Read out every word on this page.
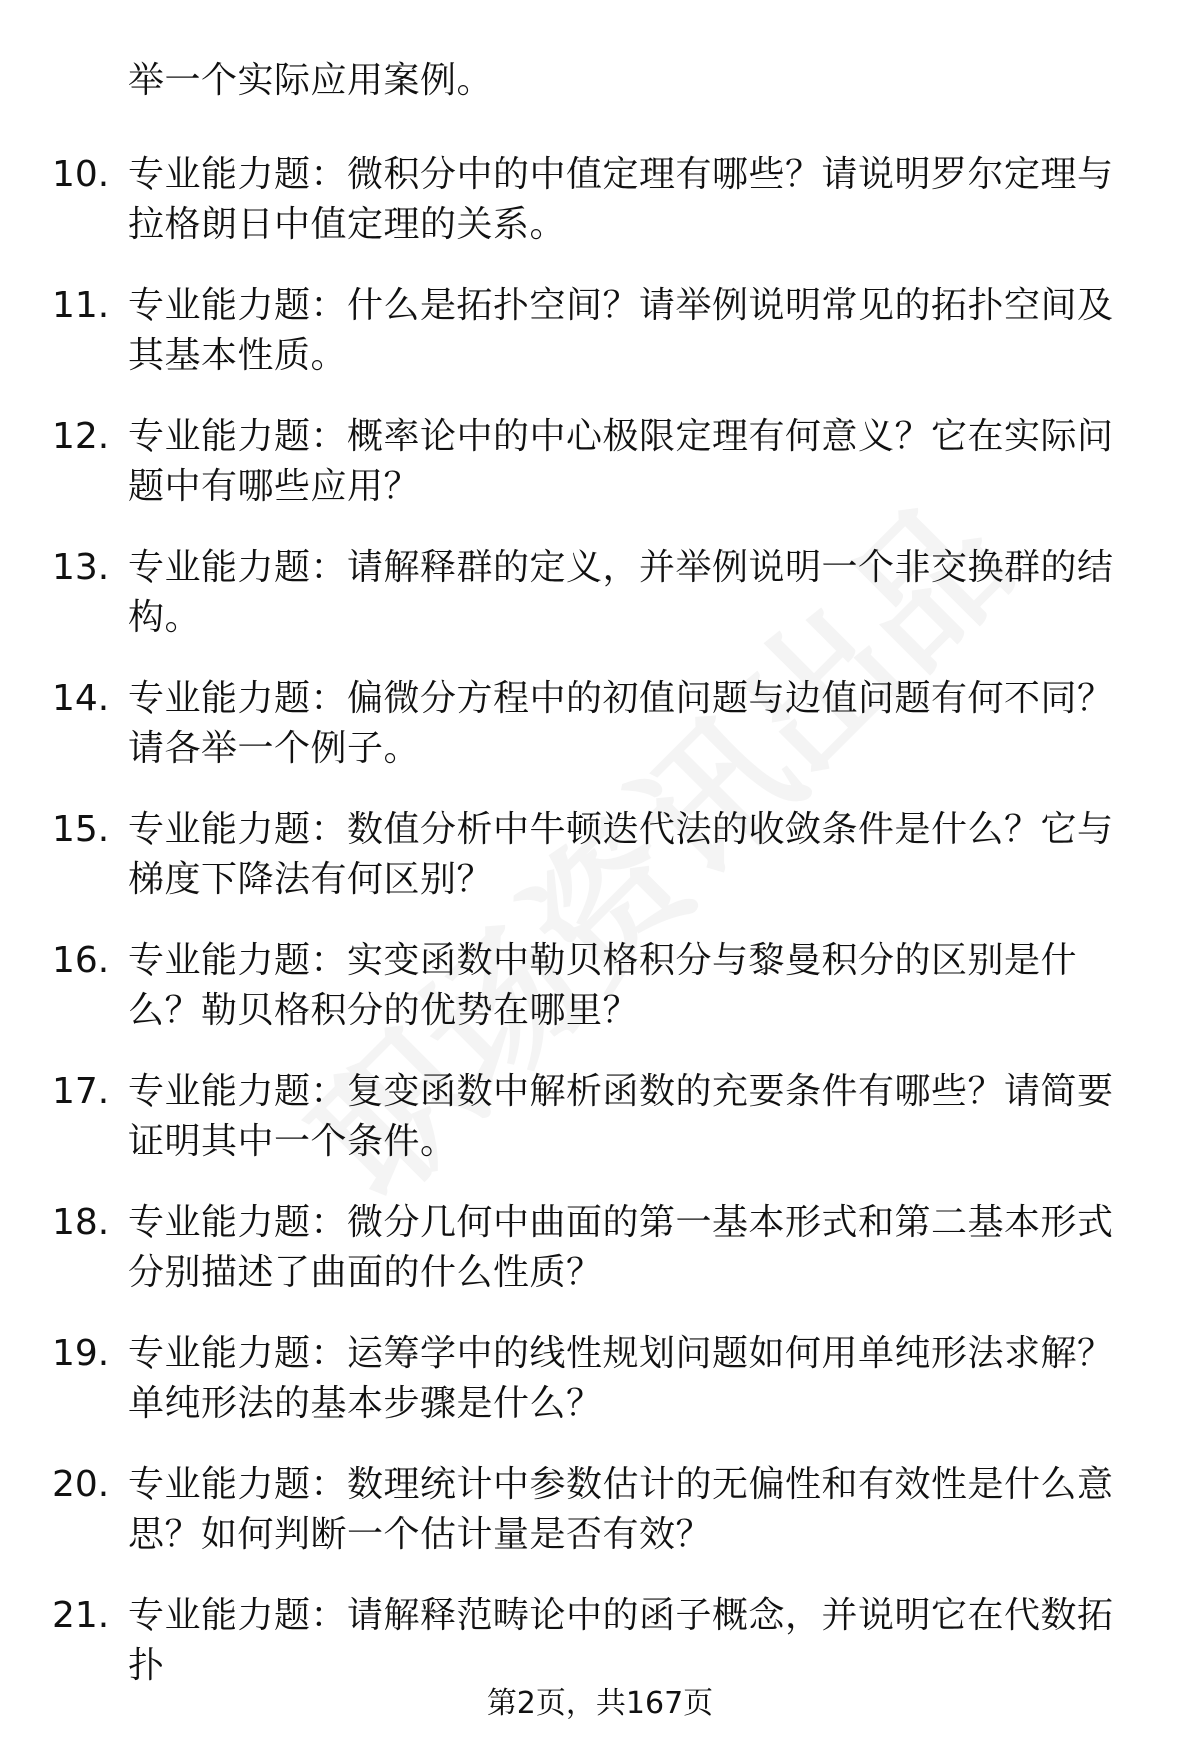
举一个实际应用案例。
10. 专业能力题：微积分中的中值定理有哪些？请说明罗尔定理与拉格朗日中值定理的关系。
11. 专业能力题：什么是拓扑空间？请举例说明常见的拓扑空间及其基本性质。
12. 专业能力题：概率论中的中心极限定理有何意义？它在实际问题中有哪些应用？
13. 专业能力题：请解释群的定义，并举例说明一个非交换群的结构。
14. 专业能力题：偏微分方程中的初值问题与边值问题有何不同？请各举一个例子。
15. 专业能力题：数值分析中牛顿迭代法的收敛条件是什么？它与梯度下降法有何区别？
16. 专业能力题：实变函数中勒贝格积分与黎曼积分的区别是什么？勒贝格积分的优势在哪里？
17. 专业能力题：复变函数中解析函数的充要条件有哪些？请简要证明其中一个条件。
18. 专业能力题：微分几何中曲面的第一基本形式和第二基本形式分别描述了曲面的什么性质？
19. 专业能力题：运筹学中的线性规划问题如何用单纯形法求解？单纯形法的基本步骤是什么？
20. 专业能力题：数理统计中参数估计的无偏性和有效性是什么意思？如何判断一个估计量是否有效？
21. 专业能力题：请解释范畴论中的函子概念，并说明它在代数拓扑
第2页，共167页
